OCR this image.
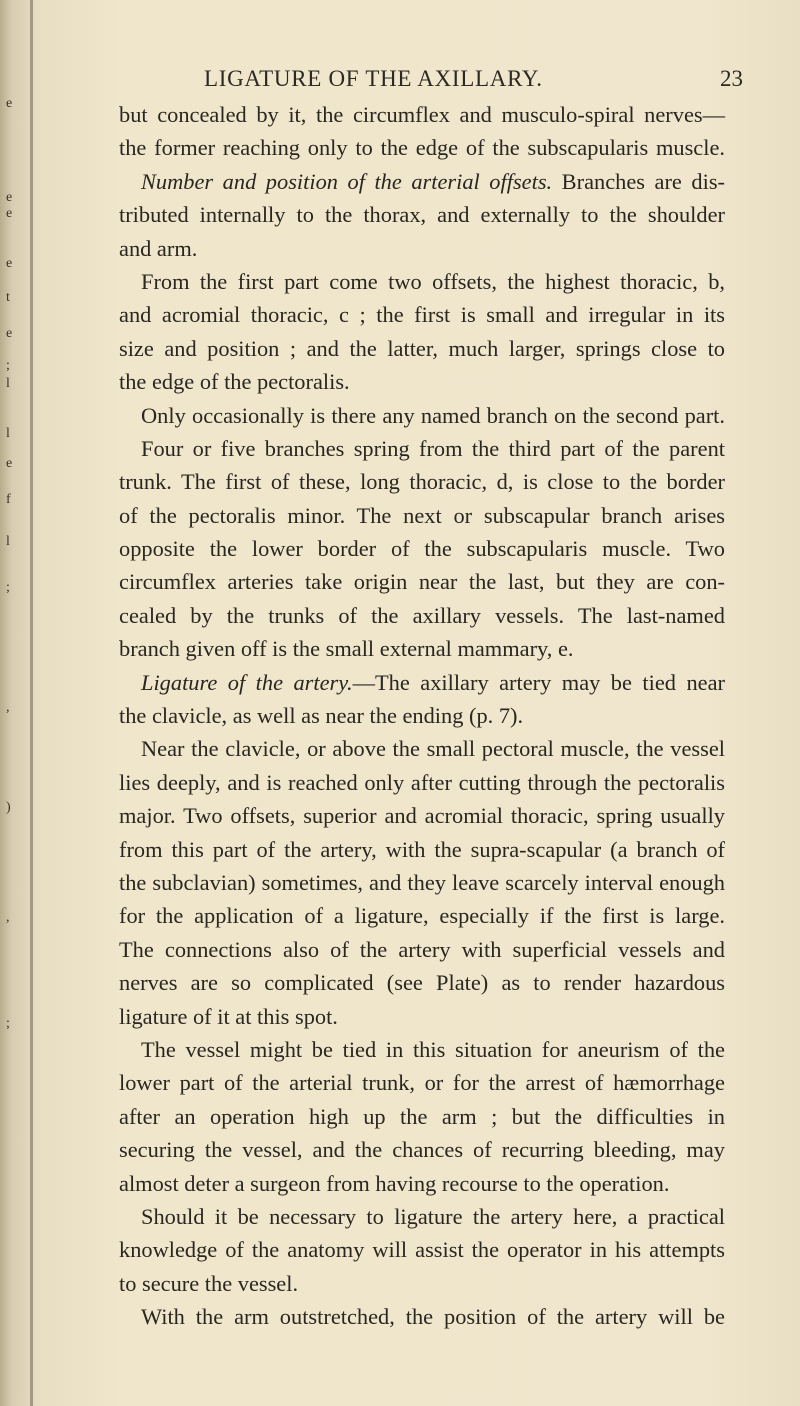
e
e
e
e
t
e
;
l
l
e
f
l
;
,
)
,
;
LIGATURE OF THE AXILLARY.	23
but concealed by it, the circumflex and musculo-spiral nerves—
the former reaching only to the edge of the subscapularis muscle.
Number and position of the arterial offsets. Branches are dis-
tributed internally to the thorax, and externally to the shoulder
and arm.
From the first part come two offsets, the highest thoracic, b,
and acromial thoracic, c ; the first is small and irregular in its
size and position ; and the latter, much larger, springs close to
the edge of the pectoralis.
Only occasionally is there any named branch on the second part.
Four or five branches spring from the third part of the parent
trunk. The first of these, long thoracic, d, is close to the border
of the pectoralis minor. The next or subscapular branch arises
opposite the lower border of the subscapularis muscle. Two
circumflex arteries take origin near the last, but they are con-
cealed by the trunks of the axillary vessels. The last-named
branch given off is the small external mammary, e.
Ligature of the artery.—The axillary artery may be tied near
the clavicle, as well as near the ending (p. 7).
Near the clavicle, or above the small pectoral muscle, the vessel
lies deeply, and is reached only after cutting through the pectoralis
major. Two offsets, superior and acromial thoracic, spring usually
from this part of the artery, with the supra-scapular (a branch of
the subclavian) sometimes, and they leave scarcely interval enough
for the application of a ligature, especially if the first is large.
The connections also of the artery with superficial vessels and
nerves are so complicated (see Plate) as to render hazardous
ligature of it at this spot.
The vessel might be tied in this situation for aneurism of the
lower part of the arterial trunk, or for the arrest of hæmorrhage
after an operation high up the arm ; but the difficulties in
securing the vessel, and the chances of recurring bleeding, may
almost deter a surgeon from having recourse to the operation.
Should it be necessary to ligature the artery here, a practical
knowledge of the anatomy will assist the operator in his attempts
to secure the vessel.
With the arm outstretched, the position of the artery will be
